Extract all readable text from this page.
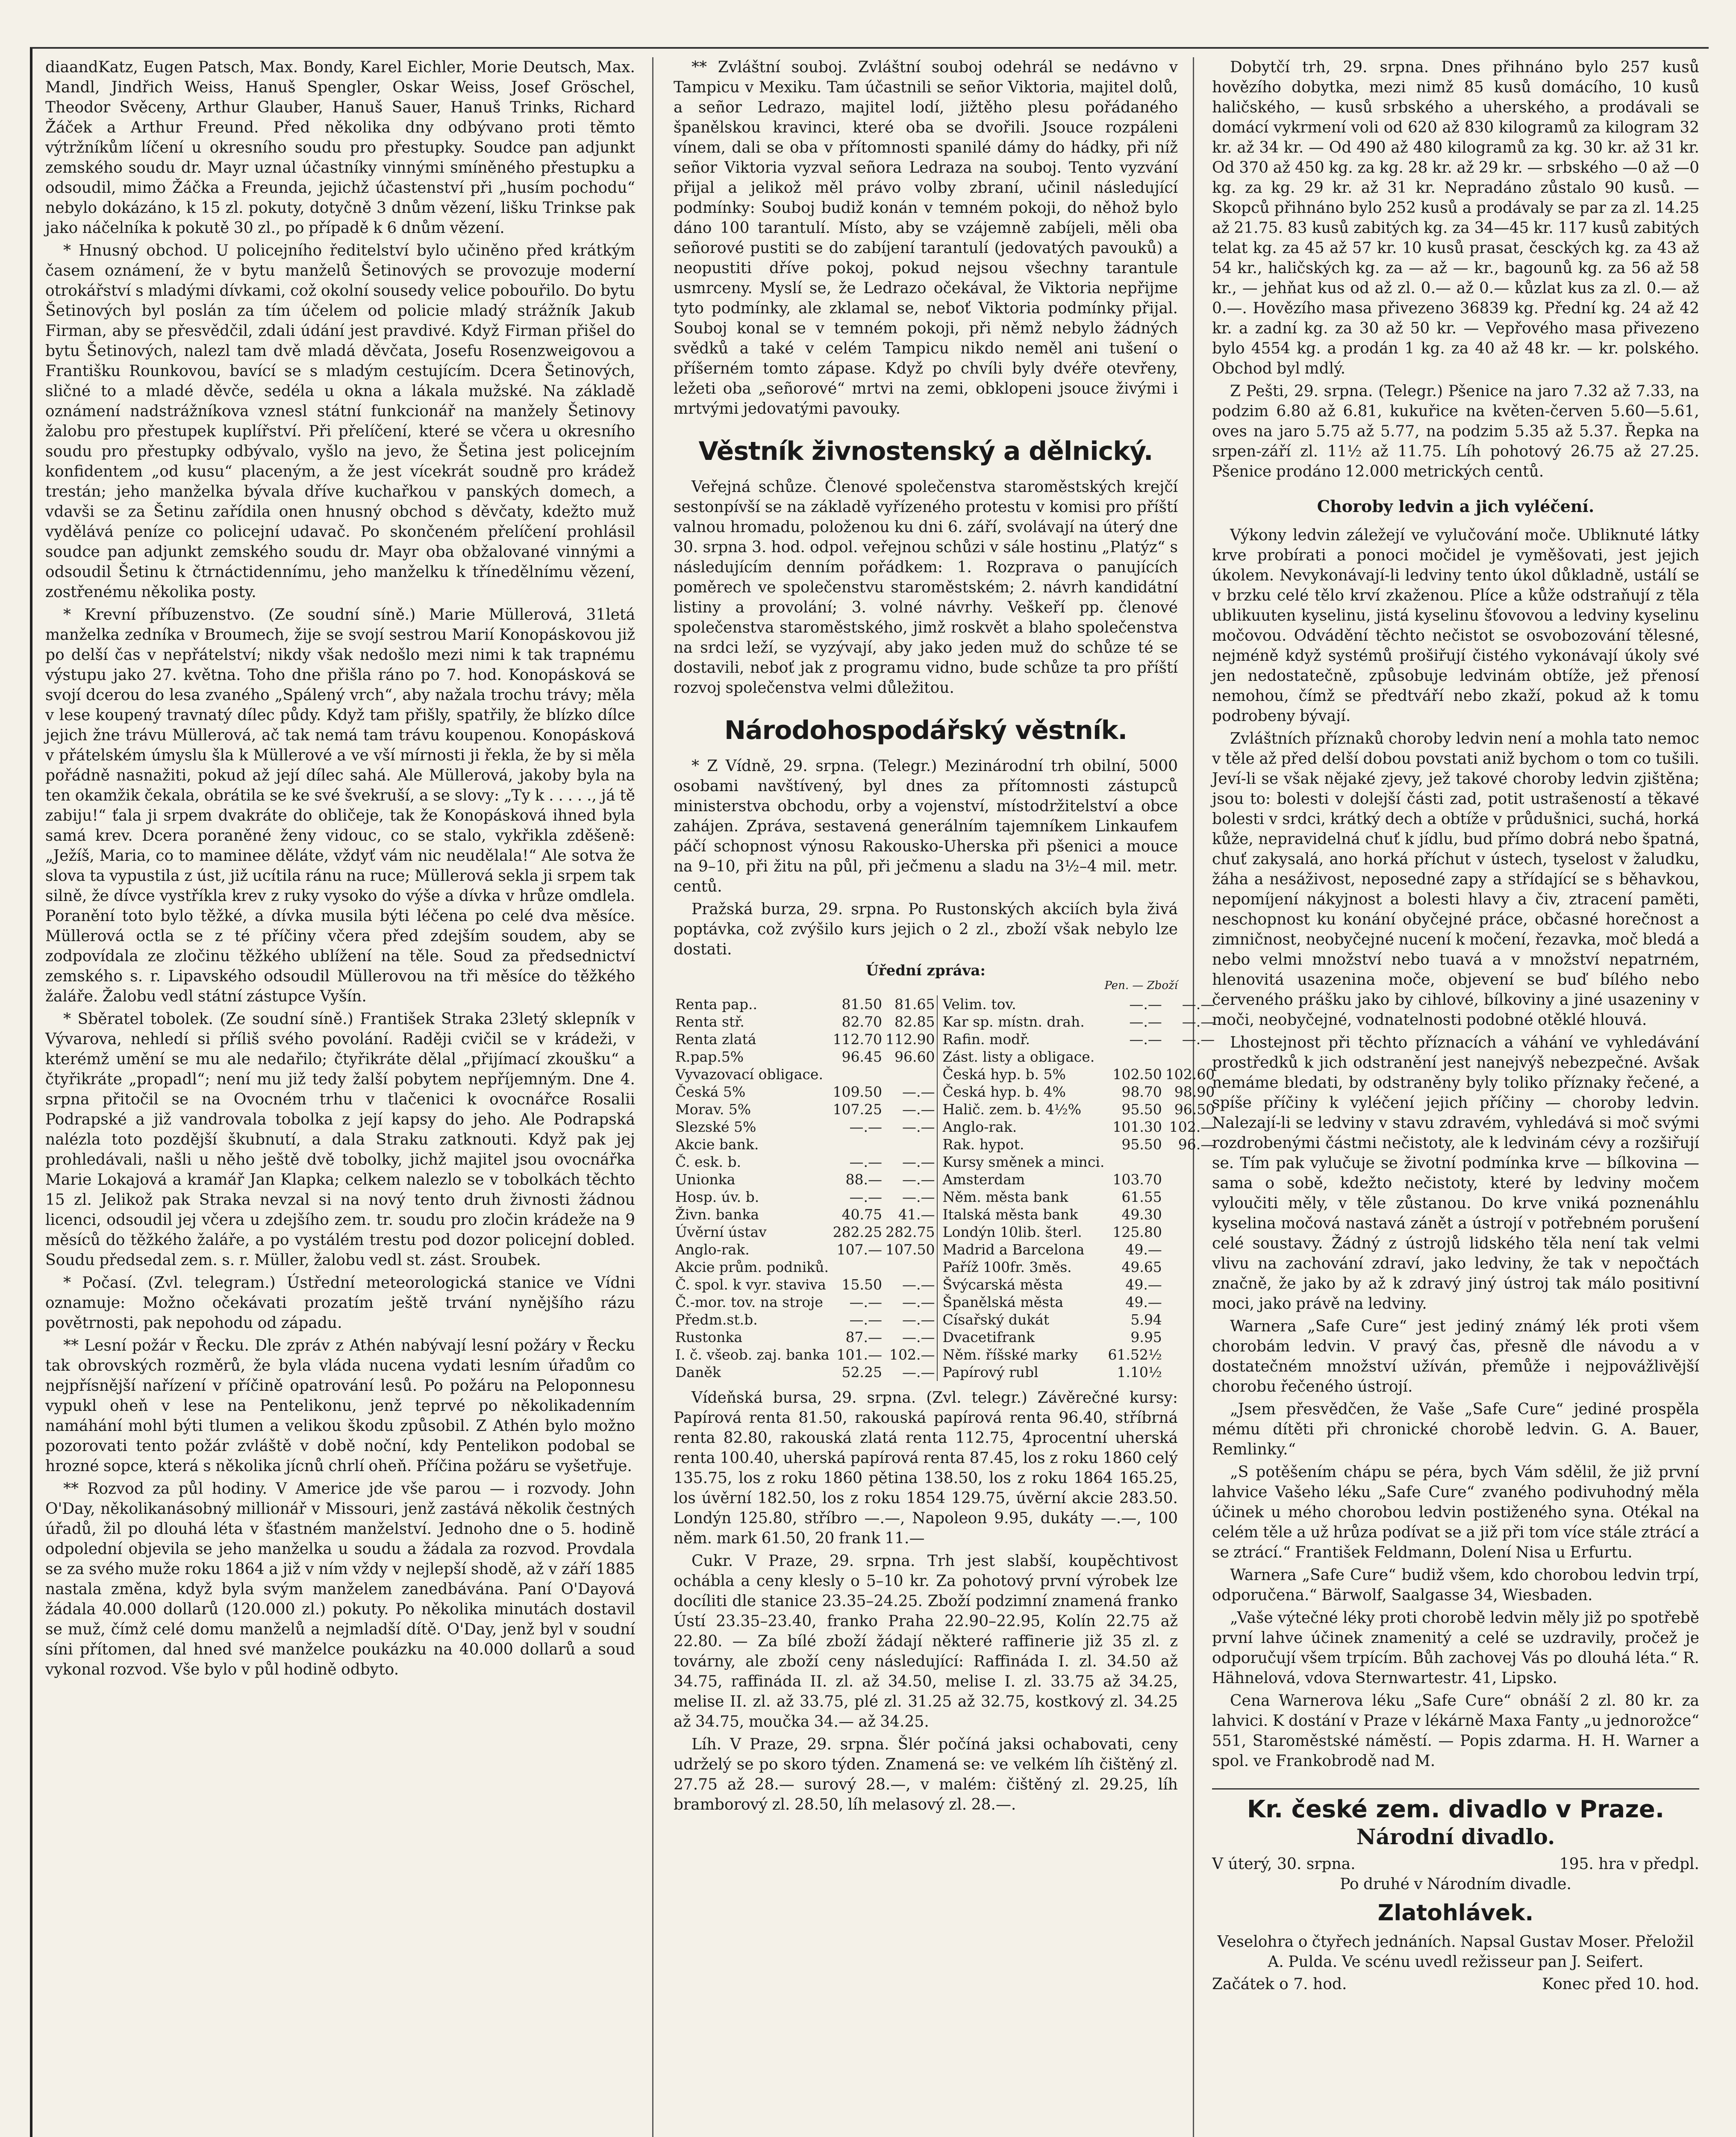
diaandKatz, Eugen Patsch, Max. Bondy, Karel Eichler, Morie Deutsch, Max. Mandl, Jindřich Weiss, Hanuš Spengler, Oskar Weiss, Josef Gröschel, Theodor Svěceny, Arthur Glauber, Hanuš Sauer, Hanuš Trinks, Richard Žáček a Arthur Freund. Před několika dny odbývano proti těmto výtržníkům líčení u okresního soudu pro přestupky. Soudce pan adjunkt zemského soudu dr. Mayr uznal účastníky vinnými smíněného přestupku a odsoudil, mimo Žáčka a Freunda, jejichž účastenství při „husím pochodu“ nebylo dokázáno, k 15 zl. pokuty, dotyčně 3 dnům vězení, lišku Trinkse pak jako náčelníka k pokutě 30 zl., po případě k 6 dnům vězení.

* Hnusný obchod. U policejního ředitelství bylo učiněno před krátkým časem oznámení, že v bytu manželů Šetinových se provozuje moderní otrokářství s mladými dívkami, což okolní sousedy velice pobouřilo. Do bytu Šetinových byl poslán za tím účelem od policie mladý strážník Jakub Firman, aby se přesvědčil, zdali údání jest pravdivé. Když Firman přišel do bytu Šetinových, nalezl tam dvě mladá děvčata, Josefu Rosenzweigovou a Františku Rounkovou, bavící se s mladým cestujícím. Dcera Šetinových, sličné to a mladé děvče, sedéla u okna a lákala mužské. Na základě oznámení nadstrážníkova vznesl státní funkcionář na manžely Šetinovy žalobu pro přestupek kuplířství. Při přelíčení, které se včera u okresního soudu pro přestupky odbývalo, vyšlo na jevo, že Šetina jest policejním konfidentem „od kusu“ placeným, a že jest vícekrát soudně pro krádež trestán; jeho manželka bývala dříve kuchařkou v panských domech, a vdavši se za Šetinu zařídila onen hnusný obchod s děvčaty, kdežto muž vydělává peníze co policejní udavač. Po skončeném přelíčení prohlásil soudce pan adjunkt zemského soudu dr. Mayr oba obžalované vinnými a odsoudil Šetinu k čtrnáctidennímu, jeho manželku k třínedělnímu vězení, zostřenému několika posty.

* Krevní příbuzenstvo. (Ze soudní síně.) Marie Müllerová, 31letá manželka zedníka v Broumech, žije se svojí sestrou Marií Konopáskovou již po delší čas v nepřátelství; nikdy však nedošlo mezi nimi k tak trapnému výstupu jako 27. května. Toho dne přišla ráno po 7. hod. Konopásková se svojí dcerou do lesa zvaného „Spálený vrch“, aby nažala trochu trávy; měla v lese koupený travnatý dílec půdy. Když tam přišly, spatřily, že blízko dílce jejich žne trávu Müllerová, ač tak nemá tam trávu koupenou. Konopásková v přátelském úmyslu šla k Müllerové a ve vší mírnosti ji řekla, že by si měla pořádně nasnažiti, pokud až její dílec sahá. Ale Müllerová, jakoby byla na ten okamžik čekala, obrátila se ke své švekruší, a se slovy: „Ty k . . . . ., já tě zabiju!“ ťala ji srpem dvakráte do obličeje, tak že Konopásková ihned byla samá krev. Dcera poraněné ženy vidouc, co se stalo, vykřikla zděšeně: „Ježíš, Maria, co to maminee děláte, vždyť vám nic neudělala!“ Ale sotva že slova ta vypustila z úst, již ucítila ránu na ruce; Müllerová sekla ji srpem tak silně, že dívce vystříkla krev z ruky vysoko do výše a dívka v hrůze omdlela. Poranění toto bylo těžké, a dívka musila býti léčena po celé dva měsíce. Müllerová octla se z té příčiny včera před zdejším soudem, aby se zodpovídala ze zločinu těžkého ublížení na těle. Soud za předsednictví zemského s. r. Lipavského odsoudil Müllerovou na tři měsíce do těžkého žaláře. Žalobu vedl státní zástupce Vyšín.

* Sběratel tobolek. (Ze soudní síně.) František Straka 23letý sklepník v Vývarova, nehledí si příliš svého povolání. Raději cvičil se v krádeži, v kterémž umění se mu ale nedařilo; čtyřikráte dělal „přijímací zkoušku“ a čtyřikráte „propadl“; není mu již tedy žalší pobytem nepříjemným. Dne 4. srpna přitočil se na Ovocném trhu v tlačenici k ovocnářce Rosalii Podrapské a již vandrovala tobolka z její kapsy do jeho. Ale Podrapská nalézla toto pozdější škubnutí, a dala Straku zatknouti. Když pak jej prohledávali, našli u něho ještě dvě tobolky, jichž majitel jsou ovocnářka Marie Lokajová a kramář Jan Klapka; celkem nalezlo se v tobolkách těchto 15 zl. Jelikož pak Straka nevzal si na nový tento druh živnosti žádnou licenci, odsoudil jej včera u zdejšího zem. tr. soudu pro zločin krádeže na 9 měsíců do těžkého žaláře, a po vystálém trestu pod dozor policejní dobled. Soudu předsedal zem. s. r. Müller, žalobu vedl st. zást. Sroubek.

* Počasí. (Zvl. telegram.) Ústřední meteorologická stanice ve Vídni oznamuje: Možno očekávati prozatím ještě trvání nynějšího rázu povětrnosti, pak nepohodu od západu.

** Lesní požár v Řecku. Dle zpráv z Athén nabývají lesní požáry v Řecku tak obrovských rozměrů, že byla vláda nucena vydati lesním úřadům co nejpřísnější nařízení v příčině opatrování lesů. Po požáru na Peloponnesu vypukl oheň v lese na Pentelikonu, jenž teprvé po několikadenním namáhání mohl býti tlumen a velikou škodu způsobil. Z Athén bylo možno pozorovati tento požár zvláště v době noční, kdy Pentelikon podobal se hrozné sopce, která s několika jícnů chrlí oheň. Příčina požáru se vyšetřuje.

** Rozvod za půl hodiny. V Americe jde vše parou — i rozvody. John O'Day, několikanásobný millionář v Missouri, jenž zastává několik čestných úřadů, žil po dlouhá léta v šťastném manželství. Jednoho dne o 5. hodině odpolední objevila se jeho manželka u soudu a žádala za rozvod. Provdala se za svého muže roku 1864 a již v ním vždy v nejlepší shodě, až v září 1885 nastala změna, když byla svým manželem zanedbávána. Paní O'Dayová žádala 40.000 dollarů (120.000 zl.) pokuty. Po několika minutách dostavil se muž, čímž celé domu manželů a nejmladší dítě. O'Day, jenž byl v soudní síni přítomen, dal hned své manželce poukázku na 40.000 dollarů a soud vykonal rozvod. Vše bylo v půl hodině odbyto.

** Zvláštní souboj. Zvláštní souboj odehrál se nedávno v Tampicu v Mexiku. Tam účastnili se señor Viktoria, majitel dolů, a señor Ledrazo, majitel lodí, jižtěho plesu pořádaného španělskou kravinci, které oba se dvořili. Jsouce rozpáleni vínem, dali se oba v přítomnosti spanilé dámy do hádky, při níž señor Viktoria vyzval señora Ledraza na souboj. Tento vyzvání přijal a jelikož měl právo volby zbraní, učinil následující podmínky: Souboj budiž konán v temném pokoji, do něhož bylo dáno 100 tarantulí. Místo, aby se vzájemně zabíjeli, měli oba señorové pustiti se do zabíjení tarantulí (jedovatých pavouků) a neopustiti dříve pokoj, pokud nejsou všechny tarantule usmrceny. Myslí se, že Ledrazo očekával, že Viktoria nepřijme tyto podmínky, ale zklamal se, neboť Viktoria podmínky přijal. Souboj konal se v temném pokoji, při němž nebylo žádných svědků a také v celém Tampicu nikdo neměl ani tušení o příšerném tomto zápase. Když po chvíli byly dvéře otevřeny, ležeti oba „señorové“ mrtvi na zemi, obklopeni jsouce živými i mrtvými jedovatými pavouky.

Věstník živnostenský a dělnický.

Veřejná schůze. Členové společenstva staroměstských krejčí sestonpívší se na základě vyřízeného protestu v komisi pro příští valnou hromadu, položenou ku dni 6. září, svolávají na úterý dne 30. srpna 3. hod. odpol. veřejnou schůzi v sále hostinu „Platýz“ s následujícím denním pořádkem: 1. Rozprava o panujících poměrech ve společenstvu staroměstském; 2. návrh kandidátní listiny a provolání; 3. volné návrhy. Veškeří pp. členové společenstva staroměstského, jimž roskvět a blaho společenstva na srdci leží, se vyzývají, aby jako jeden muž do schůze té se dostavili, neboť jak z programu vidno, bude schůze ta pro příští rozvoj společenstva velmi důležitou.

Národohospodářský věstník.

* Z Vídně, 29. srpna. (Telegr.) Mezinárodní trh obilní, 5000 osobami navštívený, byl dnes za přítomnosti zástupců ministerstva obchodu, orby a vojenství, místodržitelství a obce zahájen. Zpráva, sestavená generálním tajemníkem Linkaufem páčí schopnost výnosu Rakousko-Uherska při pšenici a mouce na 9–10, při žitu na půl, při ječmenu a sladu na 3½–4 mil. metr. centů.

Pražská burza, 29. srpna. Po Rustonských akciích byla živá poptávka, což zvýšilo kurs jejich o 2 zl., zboží však nebylo lze dostati.

Úřední zpráva:
Pen. — Zboží
Renta pap..	81.50	81.65	Velim. tov.	—.—	—.—
Renta stř.	82.70	82.85	Kar sp. místn. drah.	—.—	—.—
Renta zlatá	112.70	112.90	Rafin. modř.	—.—	—.—
R.pap.5%	96.45	96.60	Zást. listy a obligace.		
Vyvazovací obligace.			Česká hyp. b. 5%	102.50	102.60
Česká 5%	109.50	—.—	Česká hyp. b. 4%	98.70	98.90
Morav. 5%	107.25	—.—	Halič. zem. b. 4½%	95.50	96.50
Slezské 5%	—.—	—.—	Anglo-rak.	101.30	102.—
Akcie bank.			Rak. hypot.	95.50	96.—
Č. esk. b.	—.—	—.—	Kursy směnek a minci.		
Unionka	88.—	—.—	Amsterdam	103.70	
Hosp. úv. b.	—.—	—.—	Něm. města bank	61.55	
Živn. banka	40.75	41.—	Italská města bank	49.30	
Úvěrní ústav	282.25	282.75	Londýn 10lib. šterl.	125.80	
Anglo-rak.	107.—	107.50	Madrid a Barcelona	49.—	
Akcie prům. podniků.			Paříž 100fr. 3měs.	49.65	
Č. spol. k vyr. staviva	15.50	—.—	Švýcarská města	49.—	
Č.-mor. tov. na stroje	—.—	—.—	Španělská města	49.—	
Předm.st.b.	—.—	—.—	Císařský dukát	5.94	
Rustonka	87.—	—.—	Dvacetifrank	9.95	
I. č. všeob. zaj. banka	101.—	102.—	Něm. říšské marky	61.52½	
Daněk	52.25	—.—	Papírový rubl	1.10½	

Vídeňská bursa, 29. srpna. (Zvl. telegr.) Závěrečné kursy: Papírová renta 81.50, rakouská papírová renta 96.40, stříbrná renta 82.80, rakouská zlatá renta 112.75, 4procentní uherská renta 100.40, uherská papírová renta 87.45, los z roku 1860 celý 135.75, los z roku 1860 pětina 138.50, los z roku 1864 165.25, los úvěrní 182.50, los z roku 1854 129.75, úvěrní akcie 283.50. Londýn 125.80, stříbro —.—, Napoleon 9.95, dukáty —.—, 100 něm. mark 61.50, 20 frank 11.—

Cukr. V Praze, 29. srpna. Trh jest slabší, koupěchtivost ochábla a ceny klesly o 5–10 kr. Za pohotový první výrobek lze docíliti dle stanice 23.35–24.25. Zboží podzimní znamená franko Ústí 23.35–23.40, franko Praha 22.90–22.95, Kolín 22.75 až 22.80. — Za bílé zboží žádají některé raffinerie již 35 zl. z továrny, ale zboží ceny následující: Raffináda I. zl. 34.50 až 34.75, raffináda II. zl. až 34.50, melise I. zl. 33.75 až 34.25, melise II. zl. až 33.75, plé zl. 31.25 až 32.75, kostkový zl. 34.25 až 34.75, moučka 34.— až 34.25.

Líh. V Praze, 29. srpna. Šlér počíná jaksi ochabovati, ceny udrželý se po skoro týden. Znamená se: ve velkém líh čištěný zl. 27.75 až 28.— surový 28.—, v malém: čištěný zl. 29.25, líh bramborový zl. 28.50, líh melasový zl. 28.—.

Dobytčí trh, 29. srpna. Dnes přihnáno bylo 257 kusů hovězího dobytka, mezi nimž 85 kusů domácího, 10 kusů haličského, — kusů srbského a uherského, a prodávali se domácí vykrmení voli od 620 až 830 kilogramů za kilogram 32 kr. až 34 kr. — Od 490 až 480 kilogramů za kg. 30 kr. až 31 kr. Od 370 až 450 kg. za kg. 28 kr. až 29 kr. — srbského —0 až —0 kg. za kg. 29 kr. až 31 kr. Nepradáno zůstalo 90 kusů. — Skopců přihnáno bylo 252 kusů a prodávaly se par za zl. 14.25 až 21.75. 83 kusů zabitých kg. za 34—45 kr. 117 kusů zabitých telat kg. za 45 až 57 kr. 10 kusů prasat, česckých kg. za 43 až 54 kr., haličských kg. za — až — kr., bagounů kg. za 56 až 58 kr., — jehňat kus od až zl. 0.— až 0.— kůzlat kus za zl. 0.— až 0.—. Hovězího masa přivezeno 36839 kg. Přední kg. 24 až 42 kr. a zadní kg. za 30 až 50 kr. — Vepřového masa přivezeno bylo 4554 kg. a prodán 1 kg. za 40 až 48 kr. — kr. polského. Obchod byl mdlý.

Z Pešti, 29. srpna. (Telegr.) Pšenice na jaro 7.32 až 7.33, na podzim 6.80 až 6.81, kukuřice na květen-červen 5.60—5.61, oves na jaro 5.75 až 5.77, na podzim 5.35 až 5.37. Řepka na srpen-září zl. 11½ až 11.75. Líh pohotový 26.75 až 27.25. Pšenice prodáno 12.000 metrických centů.

Choroby ledvin a jich vyléčení.

Výkony ledvin záležejí ve vylučování moče. Ubliknuté látky krve probírati a ponoci močidel je vyměšovati, jest jejich úkolem. Nevykonávají-li ledviny tento úkol důkladně, ustálí se v brzku celé tělo krví zkaženou. Plíce a kůže odstraňují z těla ublikuuten kyselinu, jistá kyselinu šťovovou a ledviny kyselinu močovou. Odvádění těchto nečistot se osvobozování tělesné, nejméně když systémů prošiřují čistého vykonávají úkoly své jen nedostatečně, způsobuje ledvinám obtíže, jež přenosí nemohou, čímž se předtváří nebo zkaží, pokud až k tomu podrobeny bývají.

Zvláštních příznaků choroby ledvin není a mohla tato nemoc v těle až před delší dobou povstati aniž bychom o tom co tušili. Jeví-li se však nějaké zjevy, jež takové choroby ledvin zjištěna; jsou to: bolesti v dolejší části zad, potit ustrašeností a těkavé bolesti v srdci, krátký dech a obtíže v průdušnici, suchá, horká kůže, nepravidelná chuť k jídlu, bud přímo dobrá nebo špatná, chuť zakysalá, ano horká příchut v ústech, tyselost v žaludku, žáha a nesáživost, neposedné zapy a střídající se s běhavkou, nepomíjení nákyjnost a bolesti hlavy a čiv, ztracení paměti, neschopnost ku konání obyčejné práce, občasné horečnost a zimničnost, neobyčejné nucení k močení, řezavka, moč bledá a nebo velmi množství nebo tuavá a v množství nepatrném, hlenovitá usazenina moče, objevení se buď bílého nebo červeného prášku jako by cihlové, bílkoviny a jiné usazeniny v moči, neobyčejné, vodnatelnosti podobné otěklé hlouvá.

Lhostejnost při těchto příznacích a váhání ve vyhledávání prostředků k jich odstranění jest nanejvýš nebezpečné. Avšak nemáme bledati, by odstraněny byly toliko příznaky řečené, a spíše příčiny k vyléčení jejich příčiny — choroby ledvin. Nalezají-li se ledviny v stavu zdravém, vyhledává si moč svými rozdrobenými částmi nečistoty, ale k ledvinám cévy a rozšiřují se. Tím pak vylučuje se životní podmínka krve — bílkovina — sama o sobě, kdežto nečistoty, které by ledviny močem vyloučiti měly, v těle zůstanou. Do krve vniká poznenáhlu kyselina močová nastavá zánět a ústrojí v potřebném porušení celé soustavy. Žádný z ústrojů lidského těla není tak velmi vlivu na zachování zdraví, jako ledviny, že tak v nepočtách značně, že jako by až k zdravý jiný ústroj tak málo positivní moci, jako právě na ledviny.

Warnera „Safe Cure“ jest jediný známý lék proti všem chorobám ledvin. V pravý čas, přesně dle návodu a v dostatečném množství užíván, přemůže i nejpovážlivější chorobu řečeného ústrojí.

„Jsem přesvědčen, že Vaše „Safe Cure“ jediné prospěla mému dítěti při chronické chorobě ledvin. G. A. Bauer, Remlinky.“

„S potěšením chápu se péra, bych Vám sdělil, že již první lahvice Vašeho léku „Safe Cure“ zvaného podivuhodný měla účinek u mého chorobou ledvin postiženého syna. Otékal na celém těle a už hrůza podívat se a již při tom více stále ztrácí a se ztrácí.“ František Feldmann, Dolení Nisa u Erfurtu.

Warnera „Safe Cure“ budiž všem, kdo chorobou ledvin trpí, odporučena.“ Bärwolf, Saalgasse 34, Wiesbaden.

„Vaše výtečné léky proti chorobě ledvin měly již po spotřebě první lahve účinek znamenitý a celé se uzdravily, pročež je odporučují všem trpícím. Bůh zachovej Vás po dlouhá léta.“ R. Hähnelová, vdova Sternwartestr. 41, Lipsko.

Cena Warnerova léku „Safe Cure“ obnáší 2 zl. 80 kr. za lahvici. K dostání v Praze v lékárně Maxa Fanty „u jednorožce“ 551, Staroměstské náměstí. — Popis zdarma. H. H. Warner a spol. ve Frankobrodě nad M.

Kr. české zem. divadlo v Praze.
Národní divadlo.
V úterý, 30. srpna.	195. hra v předpl.

Po druhé v Národním divadle.

Zlatohlávek.

Veselohra o čtyřech jednáních. Napsal Gustav Moser. Přeložil A. Pulda. Ve scénu uvedl režisseur pan J. Seifert.

Začátek o 7. hod.	Konec před 10. hod.
